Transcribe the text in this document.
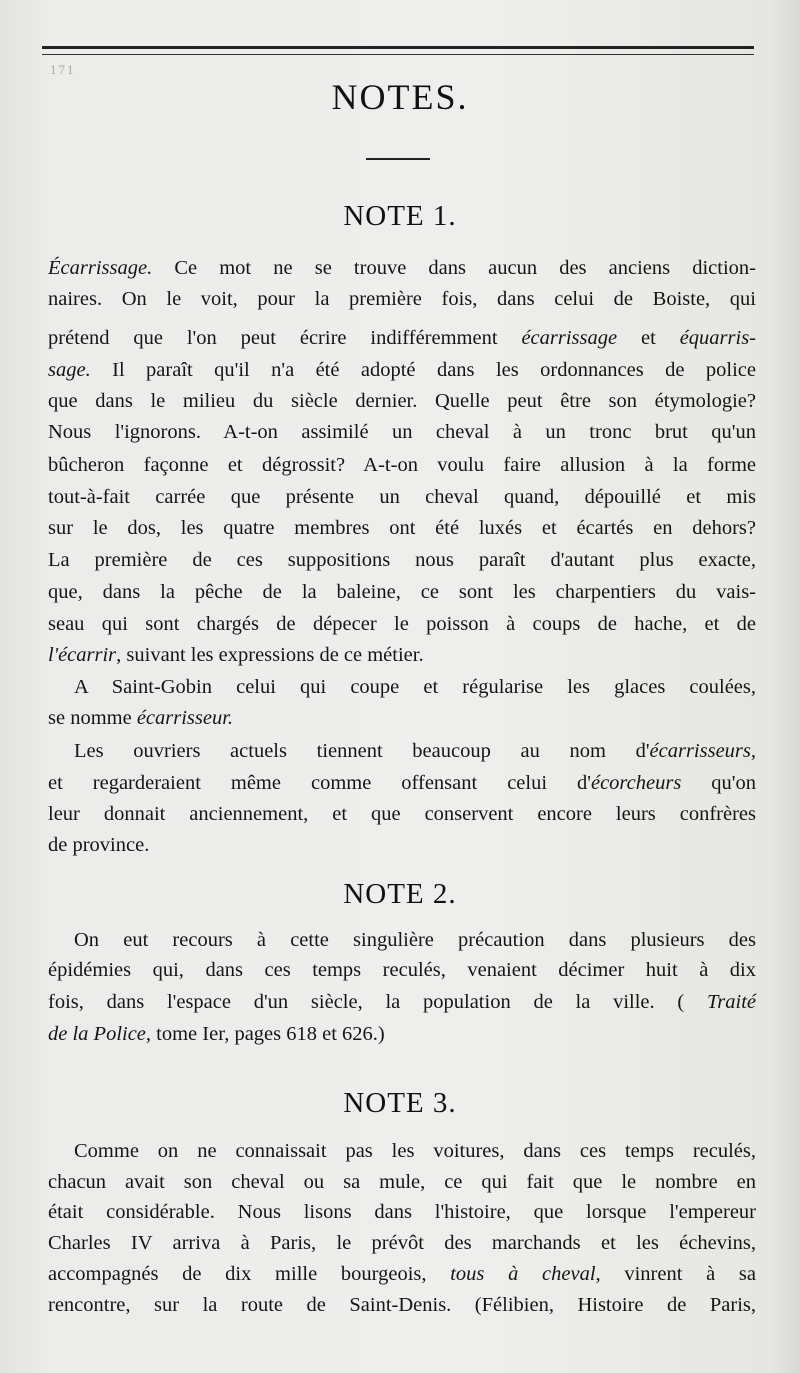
171
NOTES.
NOTE 1.
Écarrissage. Ce mot ne se trouve dans aucun des anciens diction-
naires. On le voit, pour la première fois, dans celui de Boiste, qui
prétend que l'on peut écrire indifféremment écarrissage et équarris-
sage. Il paraît qu'il n'a été adopté dans les ordonnances de police
que dans le milieu du siècle dernier. Quelle peut être son étymologie?
Nous l'ignorons. A-t-on assimilé un cheval à un tronc brut qu'un
bûcheron façonne et dégrossit? A-t-on voulu faire allusion à la forme
tout-à-fait carrée que présente un cheval quand, dépouillé et mis
sur le dos, les quatre membres ont été luxés et écartés en dehors?
La première de ces suppositions nous paraît d'autant plus exacte,
que, dans la pêche de la baleine, ce sont les charpentiers du vais-
seau qui sont chargés de dépecer le poisson à coups de hache, et de
l'écarrir, suivant les expressions de ce métier.
A Saint-Gobin celui qui coupe et régularise les glaces coulées,
se nomme écarrisseur.
Les ouvriers actuels tiennent beaucoup au nom d'écarrisseurs,
et regarderaient même comme offensant celui d'écorcheurs qu'on
leur donnait anciennement, et que conservent encore leurs confrères
de province.
NOTE 2.
On eut recours à cette singulière précaution dans plusieurs des
épidémies qui, dans ces temps reculés, venaient décimer huit à dix
fois, dans l'espace d'un siècle, la population de la ville. ( Traité
de la Police, tome Ier, pages 618 et 626.)
NOTE 3.
Comme on ne connaissait pas les voitures, dans ces temps reculés,
chacun avait son cheval ou sa mule, ce qui fait que le nombre en
était considérable. Nous lisons dans l'histoire, que lorsque l'empereur
Charles IV arriva à Paris, le prévôt des marchands et les échevins,
accompagnés de dix mille bourgeois, tous à cheval, vinrent à sa
rencontre, sur la route de Saint-Denis. (Félibien, Histoire de Paris,
